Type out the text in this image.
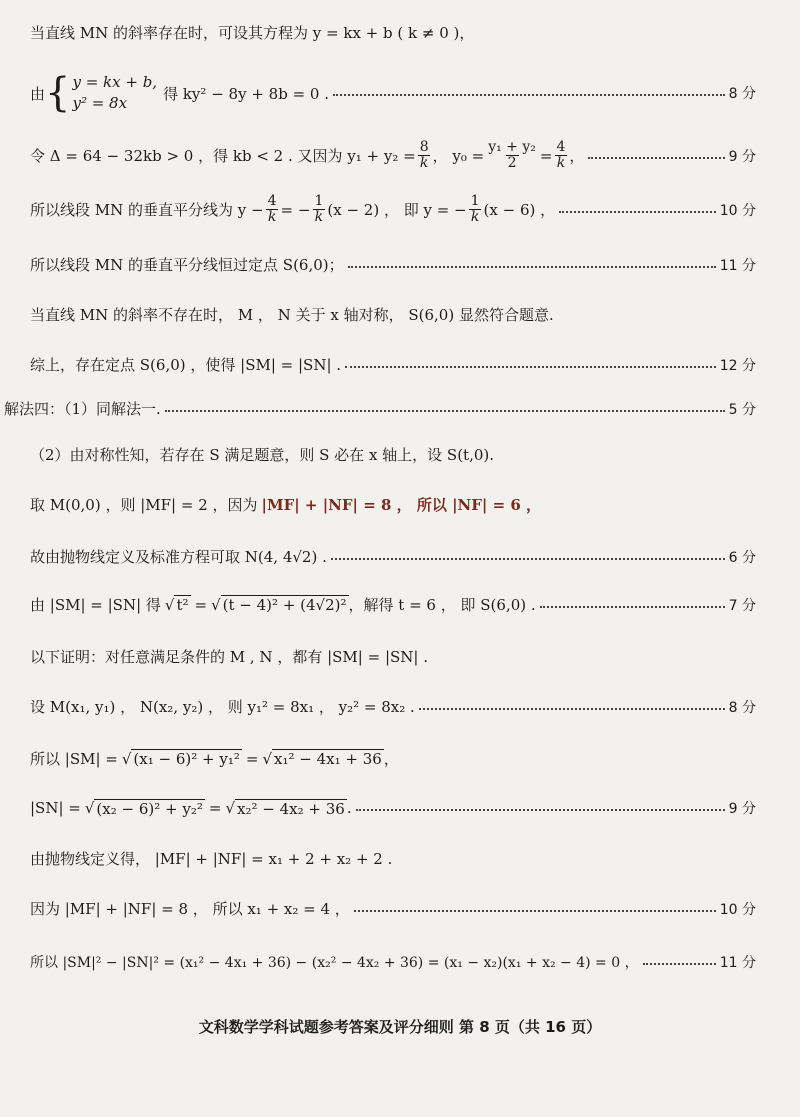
当直线 MN 的斜率存在时，可设其方程为 y = kx + b ( k ≠ 0 )，
由 { y = kx + b,
y² = 8x
得 ky² − 8y + 8b = 0 .	8 分
令 Δ = 64 − 32kb > 0 ，得 kb < 2 . 又因为 $y_1 + y_2 = \frac{8}{k}$ ， $y_0 = \frac{\text{y₁ + y₂}}{2} = \frac{4}{k}$ ，	9 分
所以线段 MN 的垂直平分线为 $y - \frac{4}{k}$ = − $\frac{1}{k} (x - 2)$ ， 即 y = − $\frac{1}{k} (x - 6)$ ，	10 分
所以线段 MN 的垂直平分线恒过定点 S(6,0)；	11 分
当直线 MN 的斜率不存在时， M ， N 关于 x 轴对称， S(6,0) 显然符合题意.
综上，存在定点 S(6,0) ，使得 |SM| = |SN| .	12 分
解法四：（1）同解法一.	5 分
（2）由对称性知，若存在 S 满足题意，则 S 必在 x 轴上，设 S(t,0).
取 M(0,0) ，则 |MF| = 2 ，因为 |MF| + |NF| = 8 ， 所以 |NF| = 6 ，
故由抛物线定义及标准方程可取 N(4, 4√2) .	6 分
由 |SM| = |SN| 得 √ t² = √ (t − 4)² + (4√2)² ，解得 t = 6 ， 即 S(6,0) .	7 分
以下证明：对任意满足条件的 M , N ，都有 |SM| = |SN| .
设 M(x₁, y₁) ， N(x₂, y₂) ， 则 y₁² = 8x₁ ， y₂² = 8x₂ .	8 分
所以 |SM| = √ (x₁ − 6)² + y₁² = √ x₁² − 4x₁ + 36 ，
|SN| = √ (x₂ − 6)² + y₂² = √ x₂² − 4x₂ + 36 .	9 分
由抛物线定义得， |MF| + |NF| = x₁ + 2 + x₂ + 2 .
因为 |MF| + |NF| = 8 ， 所以 x₁ + x₂ = 4 ，	10 分
所以 |SM|² − |SN|² = (x₁² − 4x₁ + 36) − (x₂² − 4x₂ + 36) = (x₁ − x₂)(x₁ + x₂ − 4) = 0 ，	11 分
文科数学学科试题参考答案及评分细则 第 8 页（共 16 页）
